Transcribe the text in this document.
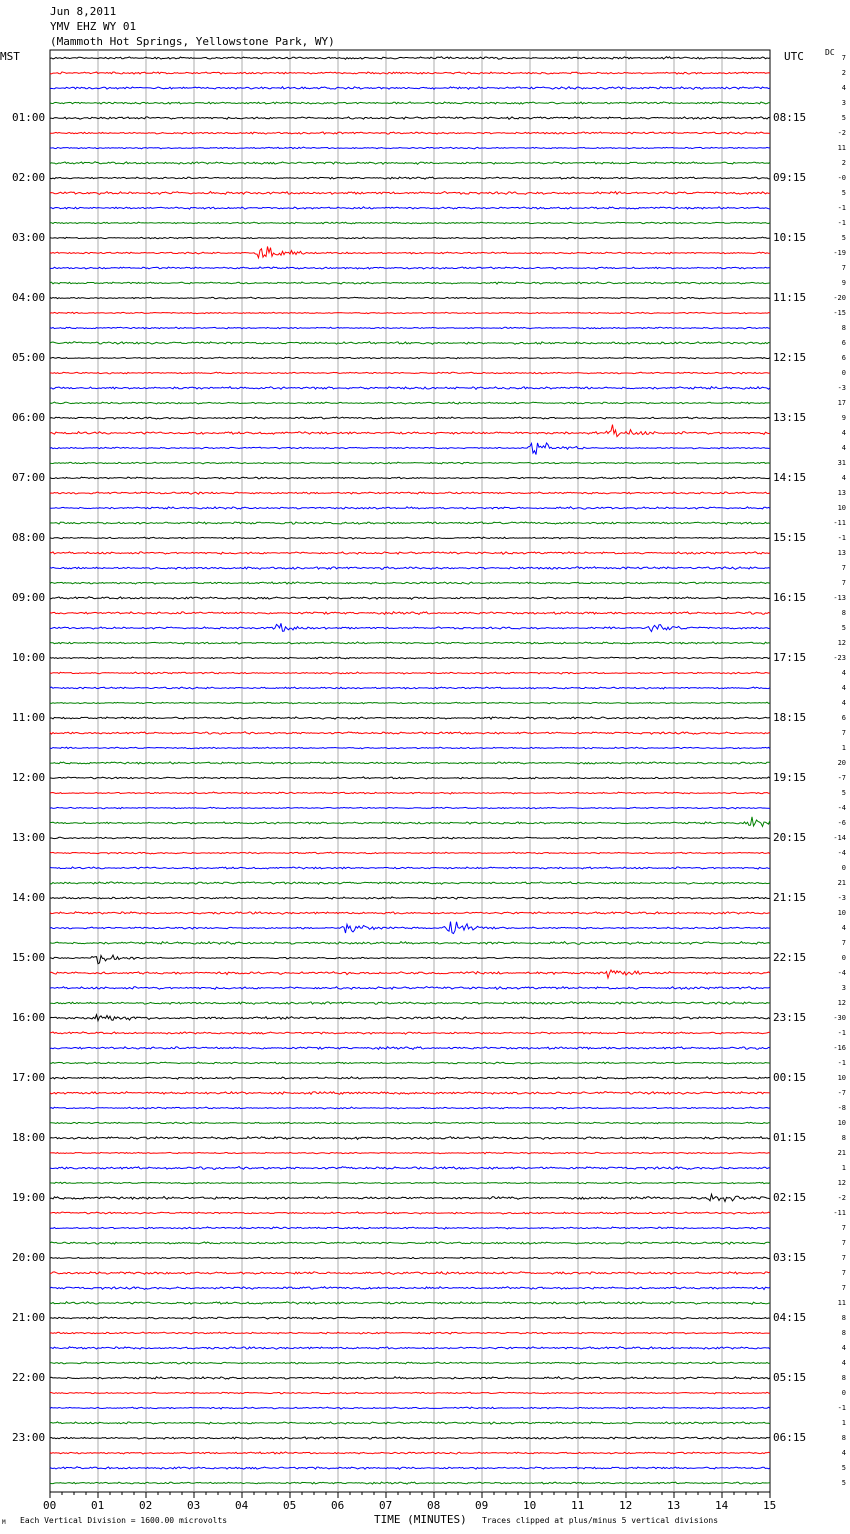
Jun 8,2011
YMV EHZ WY 01
(Mammoth Hot Springs, Yellowstone Park, WY)
MST	UTC	DC
01:00
02:00
03:00
04:00
05:00
06:00
07:00
08:00
09:00
10:00
11:00
12:00
13:00
14:00
15:00
16:00
17:00
18:00
19:00
20:00
21:00
22:00
23:00
08:15
09:15
10:15
11:15
12:15
13:15
14:15
15:15
16:15
17:15
18:15
19:15
20:15
21:15
22:15
23:15
00:15
01:15
02:15
03:15
04:15
05:15
06:15
7
2
4
3
5
-2
11
2
-0
5
-1
-1
5
-19
7
9
-20
-15
8
6
6
0
-3
17
9
4
4
31
4
13
10
-11
-1
13
7
7
-13
8
5
12
-23
4
4
4
6
7
1
20
-7
5
-4
-6
-14
-4
0
21
-3
10
4
7
0
-4
3
12
-30
-1
-16
-1
10
-7
-8
10
8
21
1
12
-2
-11
7
7
7
7
7
11
8
8
4
4
8
0
-1
1
8
4
5
5
00	01	02	03	04	05	06	07	08	09	10	11	12	13	14	15
M Each Vertical Division = 1600.00 microvolts	Traces clipped at plus/minus 5 vertical divisions
TIME (MINUTES)
